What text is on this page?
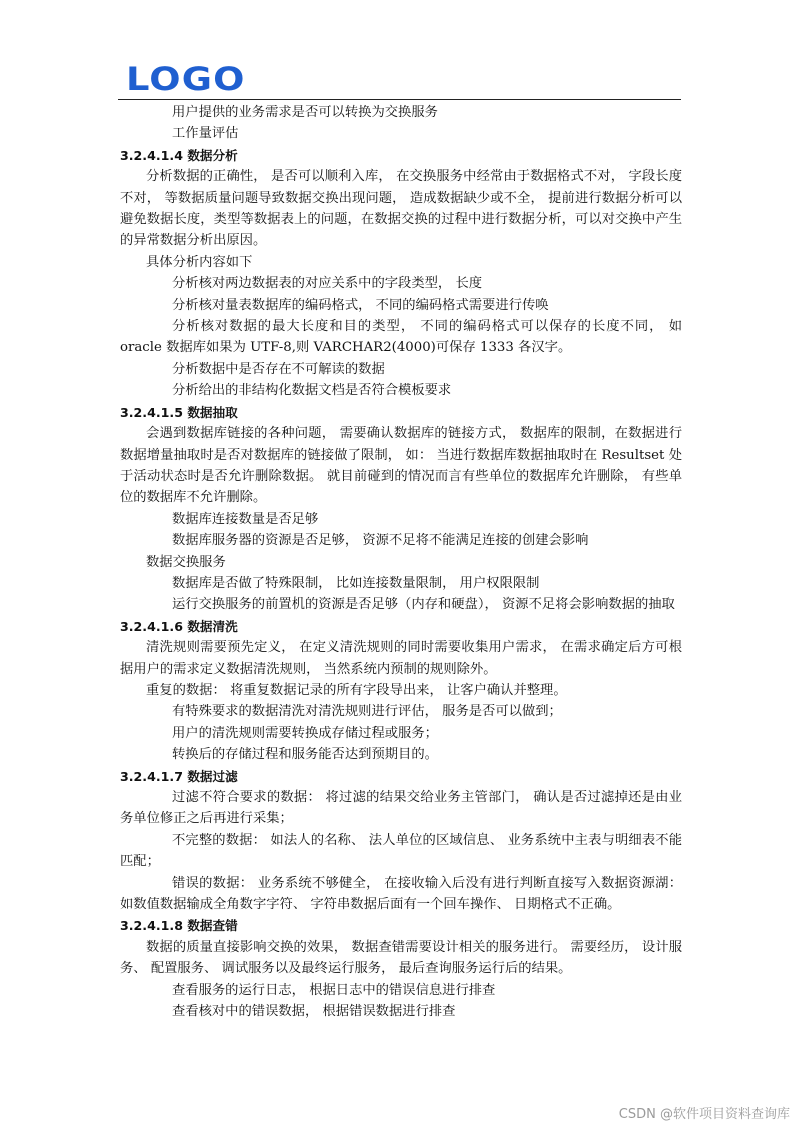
LOGO

用户提供的业务需求是否可以转换为交换服务

工作量评估

3.2.4.1.4 数据分析

分析数据的正确性， 是否可以顺利入库， 在交换服务中经常由于数据格式不对， 字段长度不对， 等数据质量问题导致数据交换出现问题， 造成数据缺少或不全， 提前进行数据分析可以避免数据长度，类型等数据表上的问题，在数据交换的过程中进行数据分析，可以对交换中产生的异常数据分析出原因。

具体分析内容如下

分析核对两边数据表的对应关系中的字段类型， 长度

分析核对量表数据库的编码格式， 不同的编码格式需要进行传唤

分析核对数据的最大长度和目的类型， 不同的编码格式可以保存的长度不同， 如 oracle 数据库如果为 UTF-8,则 VARCHAR2(4000)可保存 1333 各汉字。

分析数据中是否存在不可解读的数据

分析给出的非结构化数据文档是否符合模板要求

3.2.4.1.5 数据抽取

会遇到数据库链接的各种问题， 需要确认数据库的链接方式， 数据库的限制，在数据进行数据增量抽取时是否对数据库的链接做了限制， 如： 当进行数据库数据抽取时在 Resultset 处于活动状态时是否允许删除数据。 就目前碰到的情况而言有些单位的数据库允许删除， 有些单位的数据库不允许删除。

数据库连接数量是否足够

数据库服务器的资源是否足够， 资源不足将不能满足连接的创建会影响

数据交换服务

数据库是否做了特殊限制， 比如连接数量限制， 用户权限限制

运行交换服务的前置机的资源是否足够（内存和硬盘）， 资源不足将会影响数据的抽取

3.2.4.1.6 数据清洗

清洗规则需要预先定义， 在定义清洗规则的同时需要收集用户需求， 在需求确定后方可根据用户的需求定义数据清洗规则， 当然系统内预制的规则除外。

重复的数据： 将重复数据记录的所有字段导出来， 让客户确认并整理。

有特殊要求的数据清洗对清洗规则进行评估， 服务是否可以做到；

用户的清洗规则需要转换成存储过程或服务；

转换后的存储过程和服务能否达到预期目的。

3.2.4.1.7 数据过滤

过滤不符合要求的数据： 将过滤的结果交给业务主管部门， 确认是否过滤掉还是由业务单位修正之后再进行采集；

不完整的数据： 如法人的名称、 法人单位的区域信息、 业务系统中主表与明细表不能匹配；

错误的数据： 业务系统不够健全， 在接收输入后没有进行判断直接写入数据资源湖： 如数值数据输成全角数字字符、 字符串数据后面有一个回车操作、 日期格式不正确。

3.2.4.1.8 数据查错

数据的质量直接影响交换的效果， 数据查错需要设计相关的服务进行。 需要经历， 设计服务、 配置服务、 调试服务以及最终运行服务， 最后查询服务运行后的结果。

查看服务的运行日志， 根据日志中的错误信息进行排查

查看核对中的错误数据， 根据错误数据进行排查

CSDN @软件项目资料查询库
